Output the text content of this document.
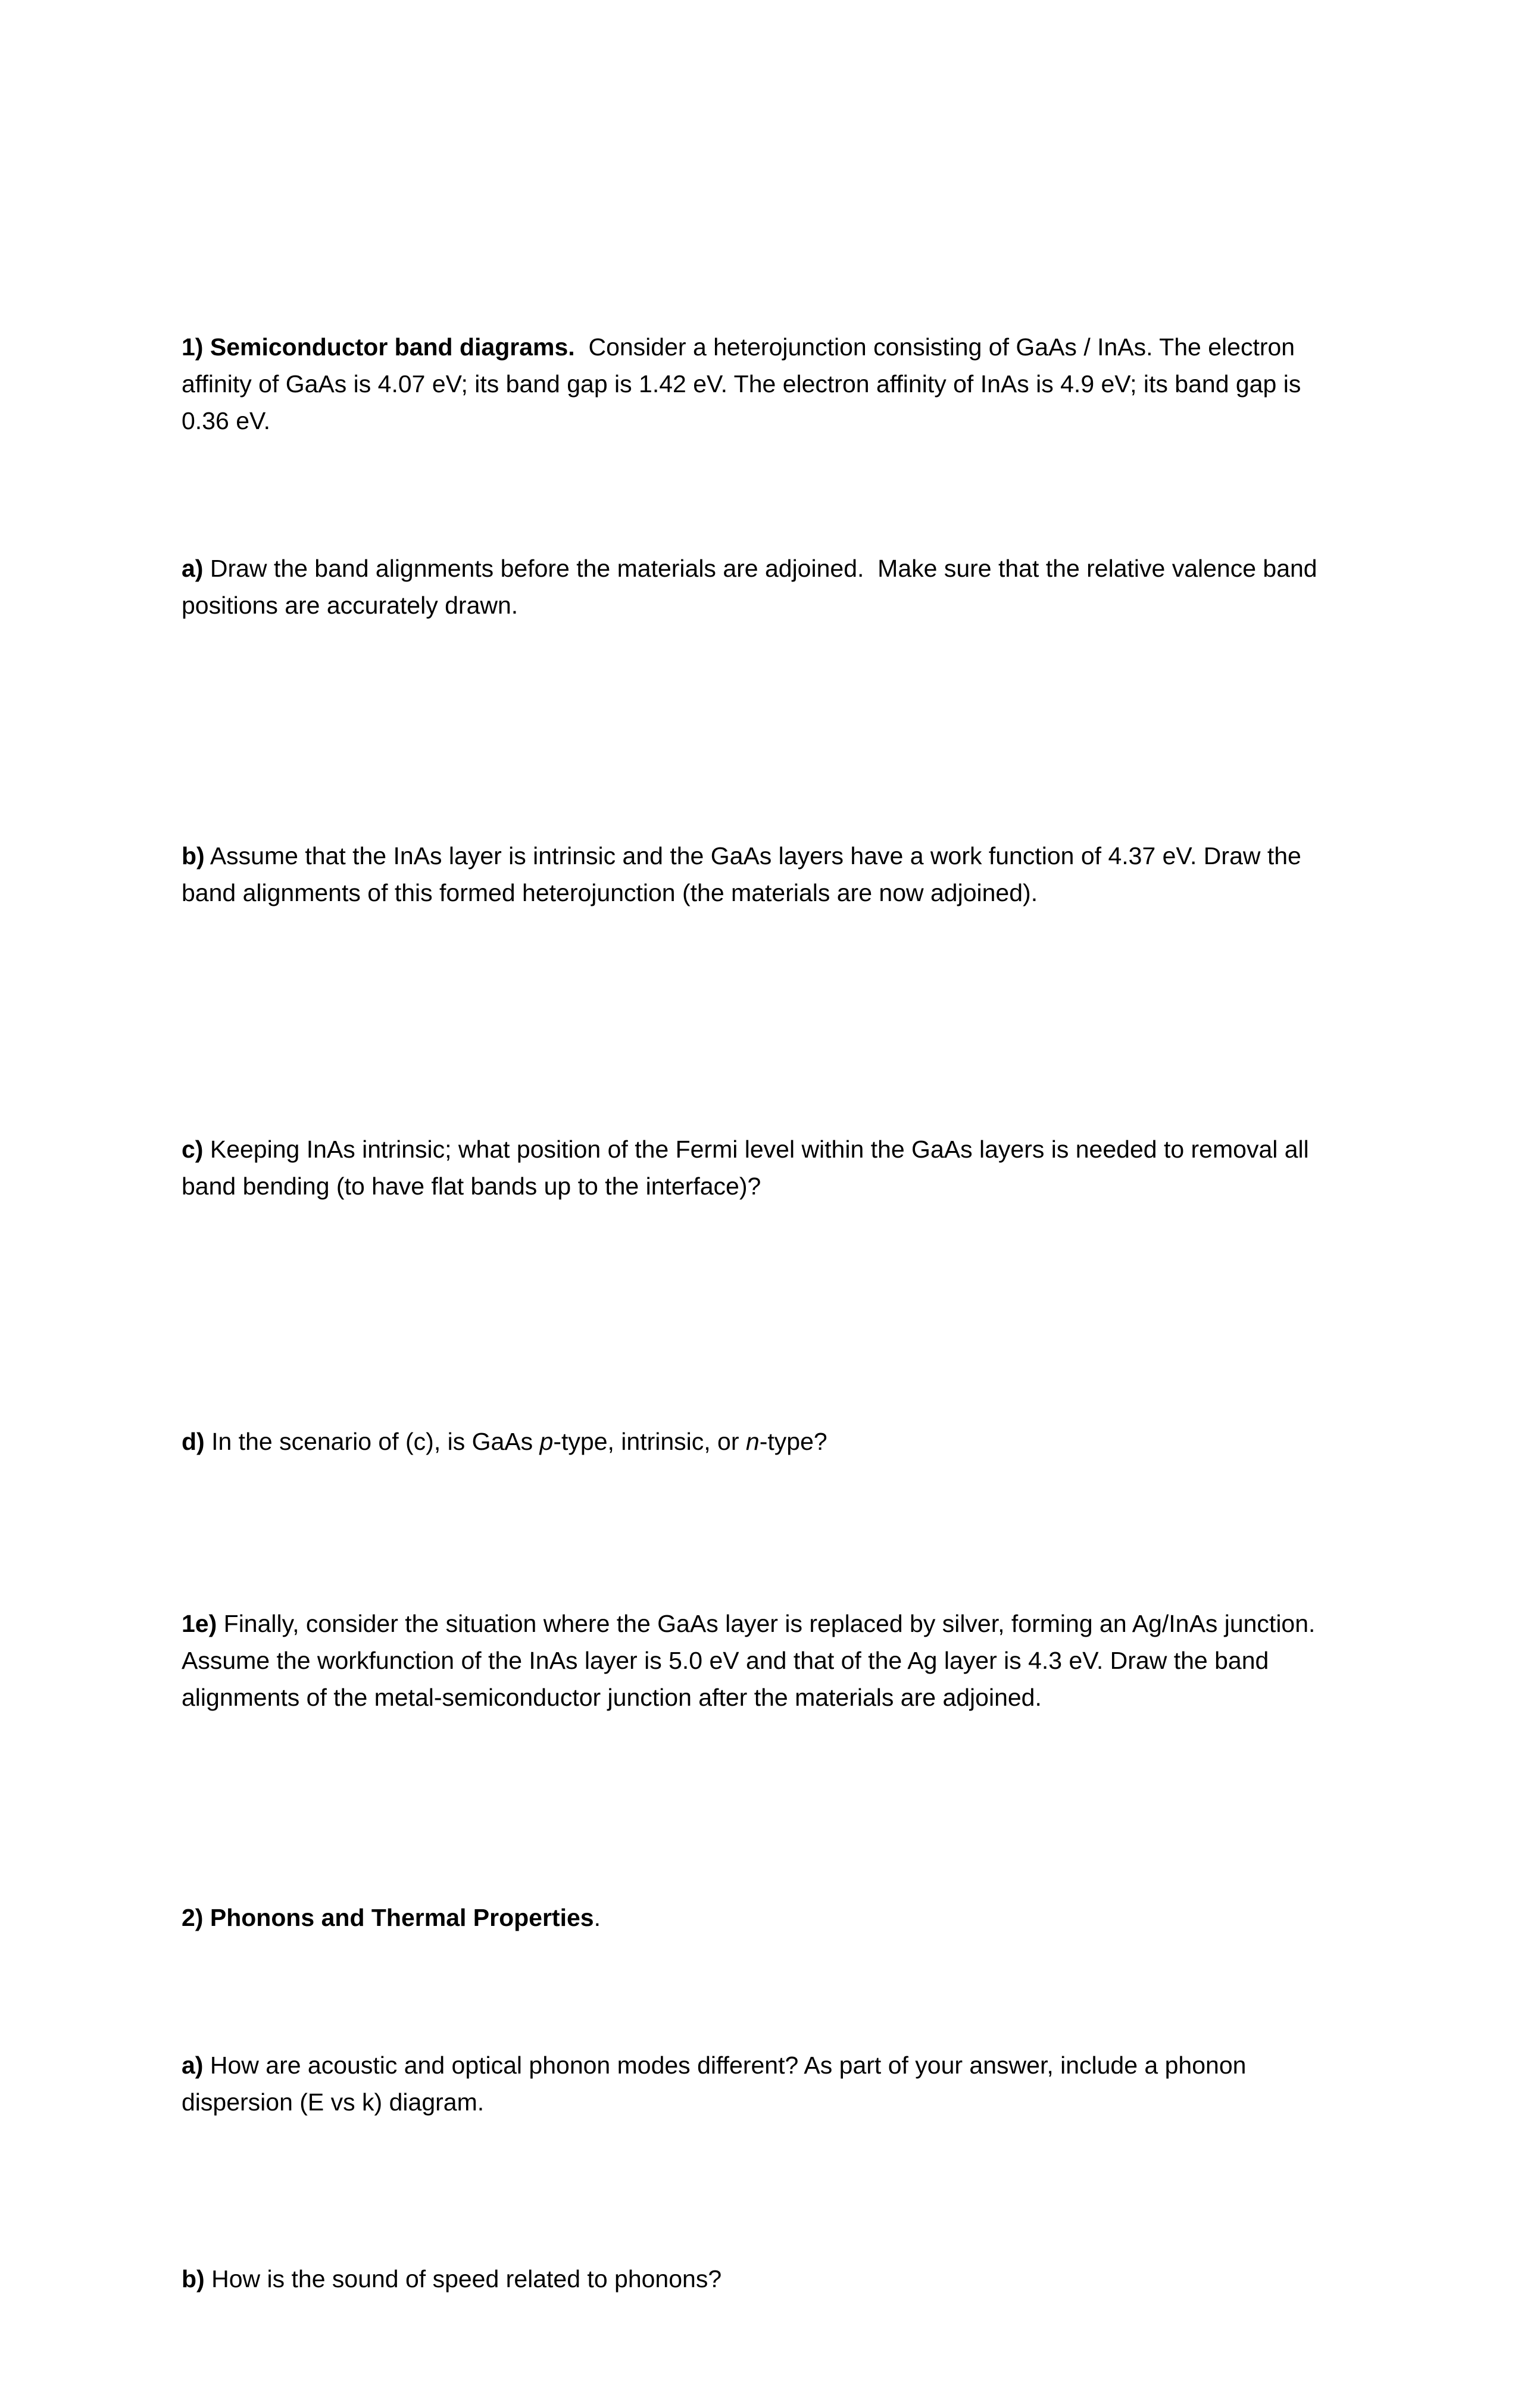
1) Semiconductor band diagrams.  Consider a heterojunction consisting of GaAs / InAs. The electron affinity of GaAs is 4.07 eV; its band gap is 1.42 eV. The electron affinity of InAs is 4.9 eV; its band gap is 0.36 eV.

a) Draw the band alignments before the materials are adjoined.  Make sure that the relative valence band positions are accurately drawn.

b) Assume that the InAs layer is intrinsic and the GaAs layers have a work function of 4.37 eV. Draw the band alignments of this formed heterojunction (the materials are now adjoined).

c) Keeping InAs intrinsic; what position of the Fermi level within the GaAs layers is needed to removal all band bending (to have flat bands up to the interface)?

d) In the scenario of (c), is GaAs p-type, intrinsic, or n-type?

1e) Finally, consider the situation where the GaAs layer is replaced by silver, forming an Ag/InAs junction. Assume the workfunction of the InAs layer is 5.0 eV and that of the Ag layer is 4.3 eV. Draw the band alignments of the metal-semiconductor junction after the materials are adjoined.

2) Phonons and Thermal Properties.

a) How are acoustic and optical phonon modes different? As part of your answer, include a phonon dispersion (E vs k) diagram.

b) How is the sound of speed related to phonons?
